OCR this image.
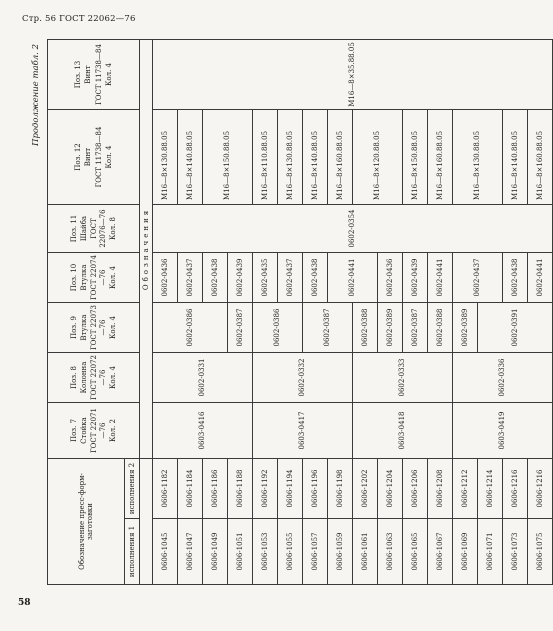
Стр. 56 ГОСТ 22062—76
Продолжение табл. 2
Обозначение пресс-форм-заготовки		Поз. 7 Стойка ГОСТ 22071—76 Кол. 2	Поз. 8 Колонна ГОСТ 22072—76 Кол. 4	Поз. 9 Втулка ГОСТ 22073—76 Кол. 4	Поз. 10 Втулка ГОСТ 22074—76 Кол. 4	Поз. 11 Шайба ГОСТ 22076—76 Кол. 8	Поз. 12 Винт ГОСТ 11738—84 Кол. 4	Поз. 13 Винт ГОСТ 11738—84 Кол. 4

исполнения 1	исполнения 2							
		Обозначения						
0606-1045	0606-1182	0603-0416	0602-0331	0602-0386	0602-0436	0602-0354	M16—8×130.88.05	M16—8×35.88.05
0606-1047	0606-1184				0602-0437		M16—8×140.88.05	
0606-1049	0606-1186				0602-0438		M16—8×150.88.05	
0606-1051	0606-1188			0602-0387	0602-0439			
0606-1053	0606-1192	0603-0417	0602-0332	0602-0386	0602-0435		M16—8×110.88.05	
0606-1055	0606-1194				0602-0437		M16—8×130.88.05	
0606-1057	0606-1196			0602-0387	0602-0438		M16—8×140.88.05	
0606-1059	0606-1198				0602-0441		M16—8×160.88.05	
0606-1061	0606-1202	0603-0418	0602-0333	0602-0388			M16—8×120.88.05	
0606-1063	0606-1204			0602-0389	0602-0436			
0606-1065	0606-1206			0602-0387	0602-0439		M16—8×150.88.05	
0606-1067	0606-1208			0602-0388	0602-0441		M16—8×160.88.05	
0606-1069	0606-1212	0603-0419	0602-0336	0602-0389	0602-0437		M16—8×130.88.05	
0606-1071	0606-1214			0602-0391				
0606-1073	0606-1216				0602-0438		M16—8×140.88.05	
0606-1075	0606-1216				0602-0441		M16—8×160.88.05	
58
